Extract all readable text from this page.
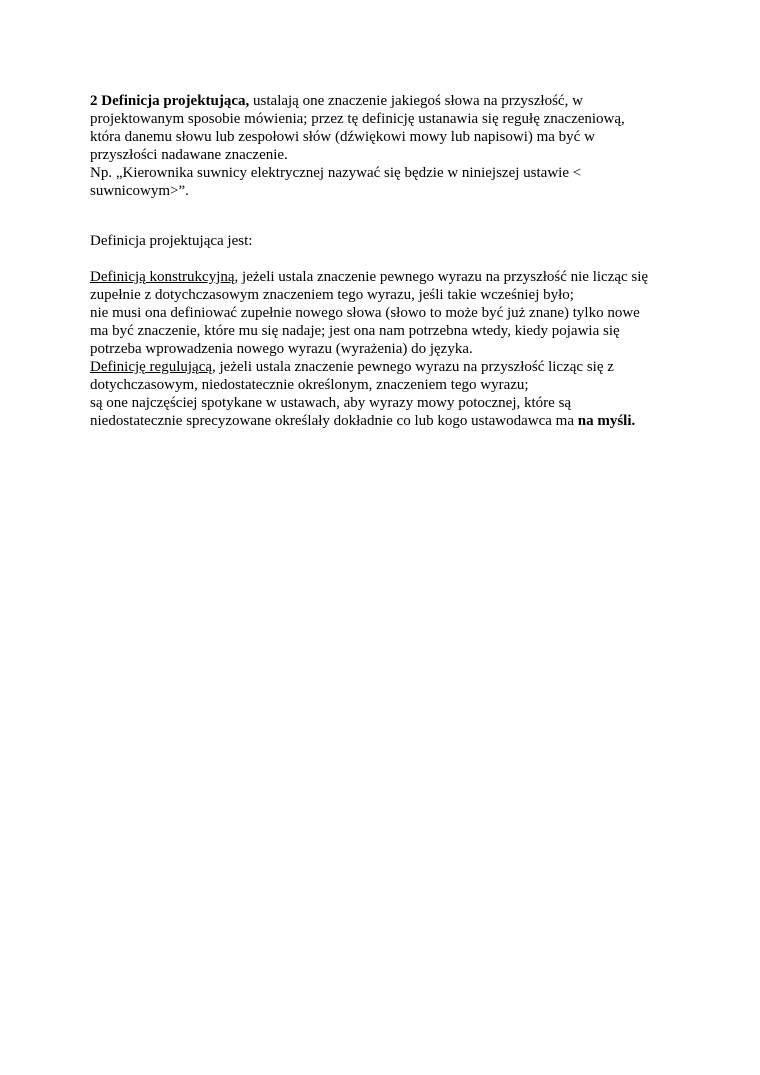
2 Definicja projektująca, ustalają one znaczenie jakiegoś słowa na przyszłość, w
projektowanym sposobie mówienia; przez tę definicję ustanawia się regułę znaczeniową,
która danemu słowu lub zespołowi słów (dźwiękowi mowy lub napisowi) ma być w
przyszłości nadawane znaczenie.
Np. „Kierownika suwnicy elektrycznej nazywać się będzie w niniejszej ustawie <
suwnicowym>”.
Definicja projektująca jest:
Definicją konstrukcyjną, jeżeli ustala znaczenie pewnego wyrazu na przyszłość nie licząc się
zupełnie z dotychczasowym znaczeniem tego wyrazu, jeśli takie wcześniej było;
nie musi ona definiować zupełnie nowego słowa (słowo to może być już znane) tylko nowe
ma być znaczenie, które mu się nadaje; jest ona nam potrzebna wtedy, kiedy pojawia się
potrzeba wprowadzenia nowego wyrazu (wyrażenia) do języka.
Definicję regulującą, jeżeli ustala znaczenie pewnego wyrazu na przyszłość licząc się z
dotychczasowym, niedostatecznie określonym, znaczeniem tego wyrazu;
są one najczęściej spotykane w ustawach, aby wyrazy mowy potocznej, które są
niedostatecznie sprecyzowane określały dokładnie co lub kogo ustawodawca ma na myśli.
